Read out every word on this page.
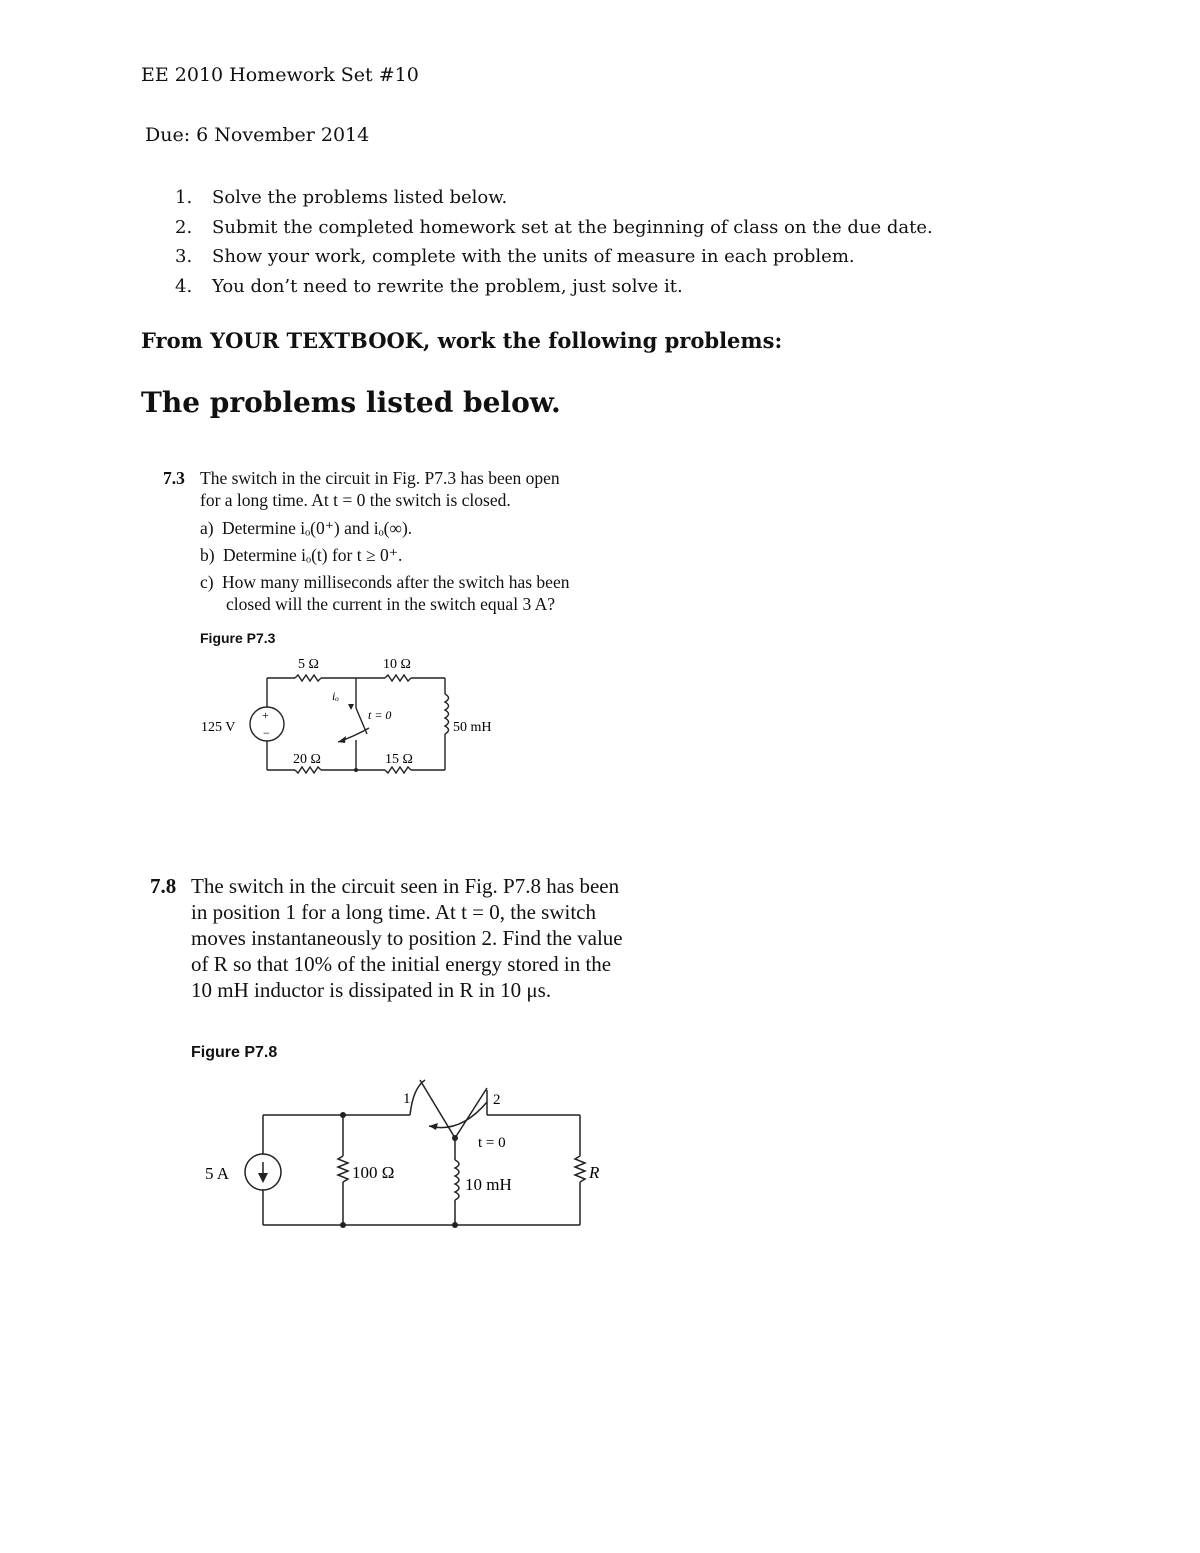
EE 2010 Homework Set #10
Due: 6 November 2014
1. Solve the problems listed below.
2. Submit the completed homework set at the beginning of class on the due date.
3. Show your work, complete with the units of measure in each problem.
4. You don’t need to rewrite the problem, just solve it.
From YOUR TEXTBOOK, work the following problems:
The problems listed below.
7.3 The switch in the circuit in Fig. P7.3 has been open
for a long time. At t = 0 the switch is closed.
a) Determine iₒ(0⁺) and iₒ(∞).
b) Determine iₒ(t) for t ≥ 0⁺.
c) How many milliseconds after the switch has been
closed will the current in the switch equal 3 A?
Figure P7.3
+
−
125 V
5 Ω	10 Ω
20 Ω	15 Ω
50 mH
t = 0
iₒ
7.8 The switch in the circuit seen in Fig. P7.8 has been
in position 1 for a long time. At t = 0, the switch
moves instantaneously to position 2. Find the value
of R so that 10% of the initial energy stored in the
10 mH inductor is dissipated in R in 10 μs.
Figure P7.8
5 A	100 Ω
10 mH
R
t = 0
1	2
